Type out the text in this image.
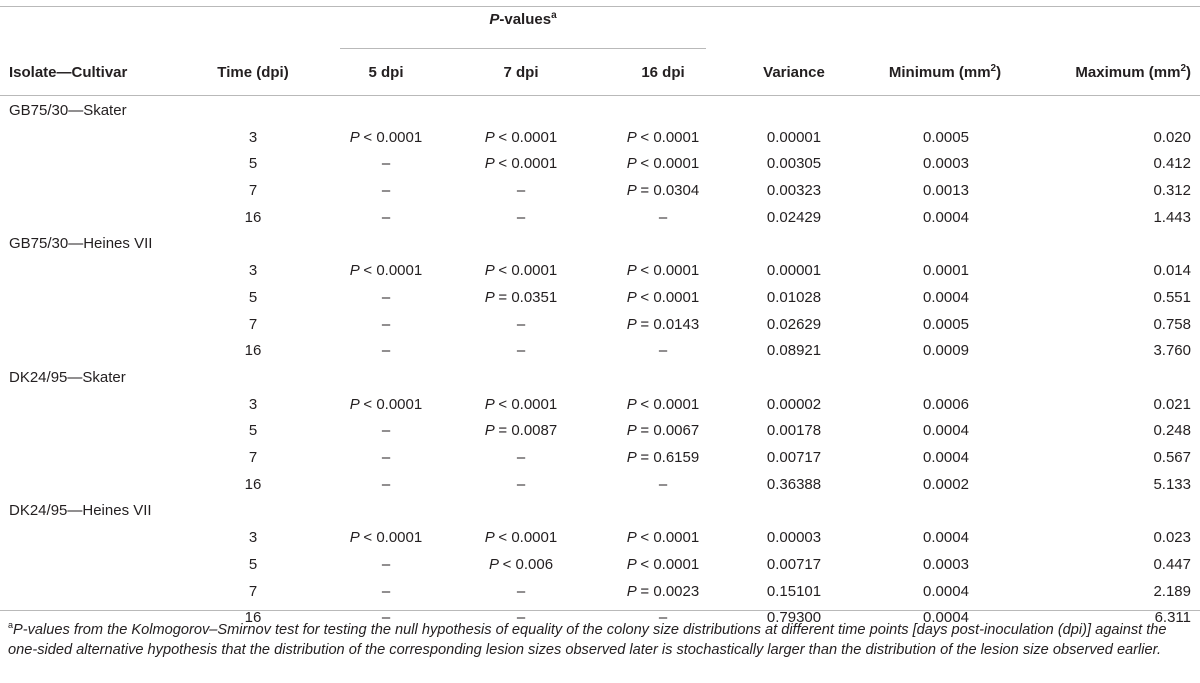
P-values$^a$
Isolate—Cultivar	Time (dpi)	5 dpi	7 dpi	16 dpi	Variance	Minimum $(mm^2)$	Maximum $(mm^2)$
GB75/30—Skater
3	P < 0.0001	P < 0.0001	P < 0.0001	0.00001	0.0005	0.020
5	–	P < 0.0001	P < 0.0001	0.00305	0.0003	0.412
7	–	–	P = 0.0304	0.00323	0.0013	0.312
16	–	–	–	0.02429	0.0004	1.443
GB75/30—Heines VII
3	P < 0.0001	P < 0.0001	P < 0.0001	0.00001	0.0001	0.014
5	–	P = 0.0351	P < 0.0001	0.01028	0.0004	0.551
7	–	–	P = 0.0143	0.02629	0.0005	0.758
16	–	–	–	0.08921	0.0009	3.760
DK24/95—Skater
3	P < 0.0001	P < 0.0001	P < 0.0001	0.00002	0.0006	0.021
5	–	P = 0.0087	P = 0.0067	0.00178	0.0004	0.248
7	–	–	P = 0.6159	0.00717	0.0004	0.567
16	–	–	–	0.36388	0.0002	5.133
DK24/95—Heines VII
3	P < 0.0001	P < 0.0001	P < 0.0001	0.00003	0.0004	0.023
5	–	P < 0.006	P < 0.0001	0.00717	0.0003	0.447
7	–	–	P = 0.0023	0.15101	0.0004	2.189
16	–	–	–	0.79300	0.0004	6.311
$^a$P-values from the Kolmogorov–Smirnov test for testing the null hypothesis of equality of the colony size distributions at different time points [days post-inoculation (dpi)] against the one-sided alternative hypothesis that the distribution of the corresponding lesion sizes observed later is stochastically larger than the distribution of the lesion size observed earlier.
